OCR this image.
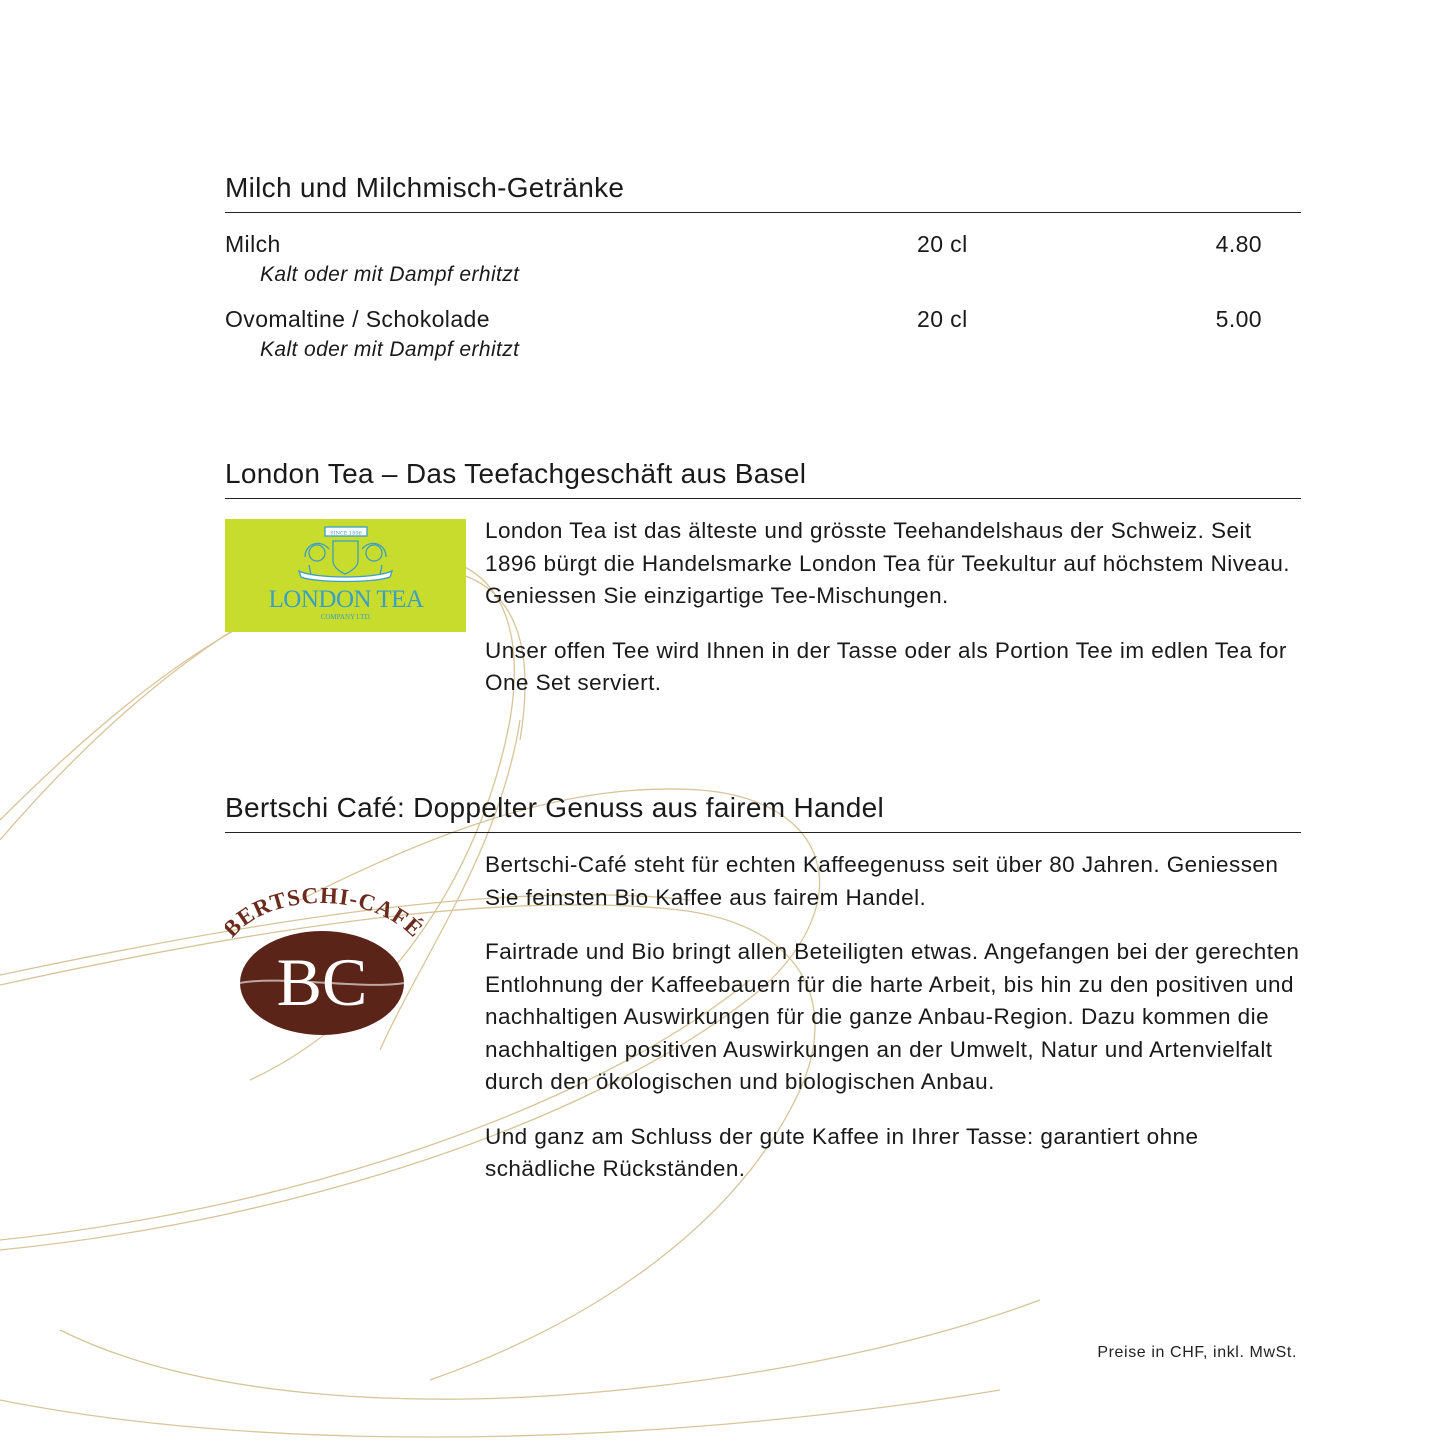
Milch und Milchmisch-Getränke
Milch
Kalt oder mit Dampf erhitzt
20 cl	4.80
Ovomaltine / Schokolade
Kalt oder mit Dampf erhitzt
20 cl	5.00
London Tea – Das Teefachgeschäft aus Basel
SINCE 1896
LONDON TEA
COMPANY LTD.

London Tea ist das älteste und grösste Teehandelshaus der Schweiz. Seit 1896 bürgt die Handelsmarke London Tea für Teekultur auf höchstem Niveau. Geniessen Sie einzigartige Tee-Mischungen.

Unser offen Tee wird Ihnen in der Tasse oder als Portion Tee im edlen Tea for One Set serviert.

Bertschi Café: Doppelter Genuss aus fairem Handel
ERTSCHI-CAF
BC

Bertschi-Café steht für echten Kaffeegenuss seit über 80 Jahren. Geniessen Sie feinsten Bio Kaffee aus fairem Handel.

Fairtrade und Bio bringt allen Beteiligten etwas. Angefangen bei der gerechten Entlohnung der Kaffeebauern für die harte Arbeit, bis hin zu den positiven und nachhaltigen Auswirkungen für die ganze Anbau-Region. Dazu kommen die nachhaltigen positiven Auswirkungen an der Umwelt, Natur und Artenvielfalt durch den ökologischen und biologischen Anbau.

Und ganz am Schluss der gute Kaffee in Ihrer Tasse: garantiert ohne schädliche Rückständen.

Preise in CHF, inkl. MwSt.
